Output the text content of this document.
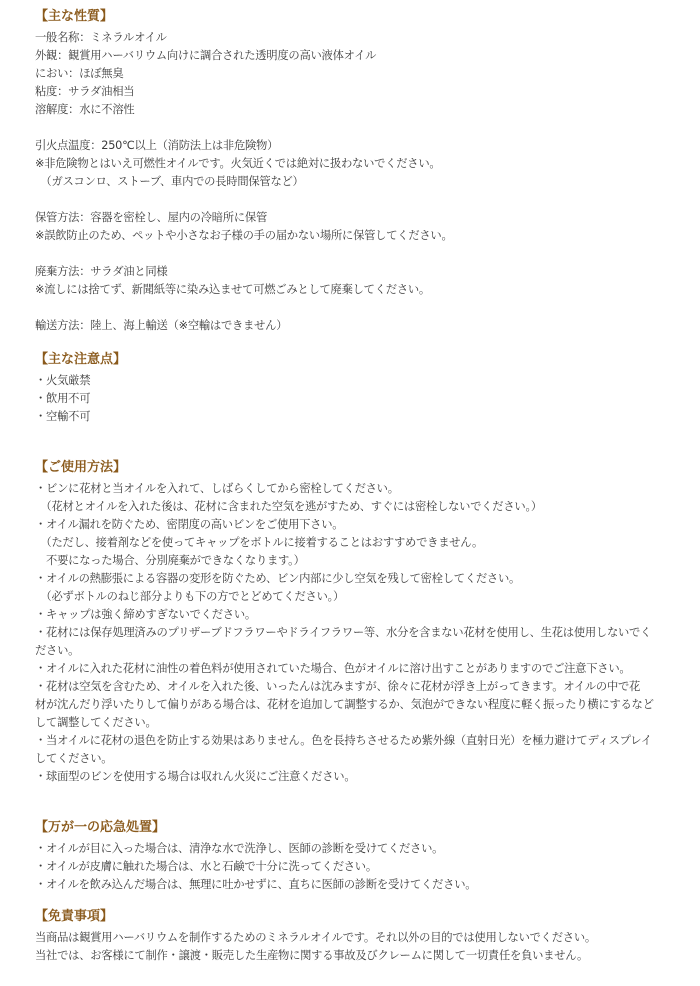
【主な性質】
一般名称：ミネラルオイル
外観：観賞用ハーバリウム向けに調合された透明度の高い液体オイル
におい：ほぼ無臭
粘度：サラダ油相当
溶解度：水に不溶性
引火点温度：250℃以上（消防法上は非危険物）
※非危険物とはいえ可燃性オイルです。火気近くでは絶対に扱わないでください。
　（ガスコンロ、ストーブ、車内での長時間保管など）
保管方法：容器を密栓し、屋内の冷暗所に保管
※誤飲防止のため、ペットや小さなお子様の手の届かない場所に保管してください。
廃棄方法：サラダ油と同様
※流しには捨てず、新聞紙等に染み込ませて可燃ごみとして廃棄してください。
輸送方法：陸上、海上輸送（※空輸はできません）
【主な注意点】
・火気厳禁
・飲用不可
・空輸不可
【ご使用方法】
・ビンに花材と当オイルを入れて、しばらくしてから密栓してください。
　（花材とオイルを入れた後は、花材に含まれた空気を逃がすため、すぐには密栓しないでください。）
・オイル漏れを防ぐため、密閉度の高いビンをご使用下さい。
　（ただし、接着剤などを使ってキャップをボトルに接着することはおすすめできません。
　不要になった場合、分別廃棄ができなくなります。）
・オイルの熱膨張による容器の変形を防ぐため、ビン内部に少し空気を残して密栓してください。
　（必ずボトルのねじ部分よりも下の方でとどめてください。）
・キャップは強く締めすぎないでください。
・花材には保存処理済みのプリザーブドフラワーやドライフラワー等、水分を含まない花材を使用し、生花は使用しないでく
ださい。
・オイルに入れた花材に油性の着色料が使用されていた場合、色がオイルに溶け出すことがありますのでご注意下さい。
・花材は空気を含むため、オイルを入れた後、いったんは沈みますが、徐々に花材が浮き上がってきます。オイルの中で花
材が沈んだり浮いたりして偏りがある場合は、花材を追加して調整するか、気泡ができない程度に軽く振ったり横にするなど
して調整してください。
・当オイルに花材の退色を防止する効果はありません。色を長持ちさせるため紫外線（直射日光）を極力避けてディスプレイ
してください。
・球面型のビンを使用する場合は収れん火災にご注意ください。
【万が一の応急処置】
・オイルが目に入った場合は、清浄な水で洗浄し、医師の診断を受けてください。
・オイルが皮膚に触れた場合は、水と石鹸で十分に洗ってください。
・オイルを飲み込んだ場合は、無理に吐かせずに、直ちに医師の診断を受けてください。
【免責事項】
当商品は観賞用ハーバリウムを制作するためのミネラルオイルです。それ以外の目的では使用しないでください。
当社では、お客様にて制作・譲渡・販売した生産物に関する事故及びクレームに関して一切責任を負いません。
